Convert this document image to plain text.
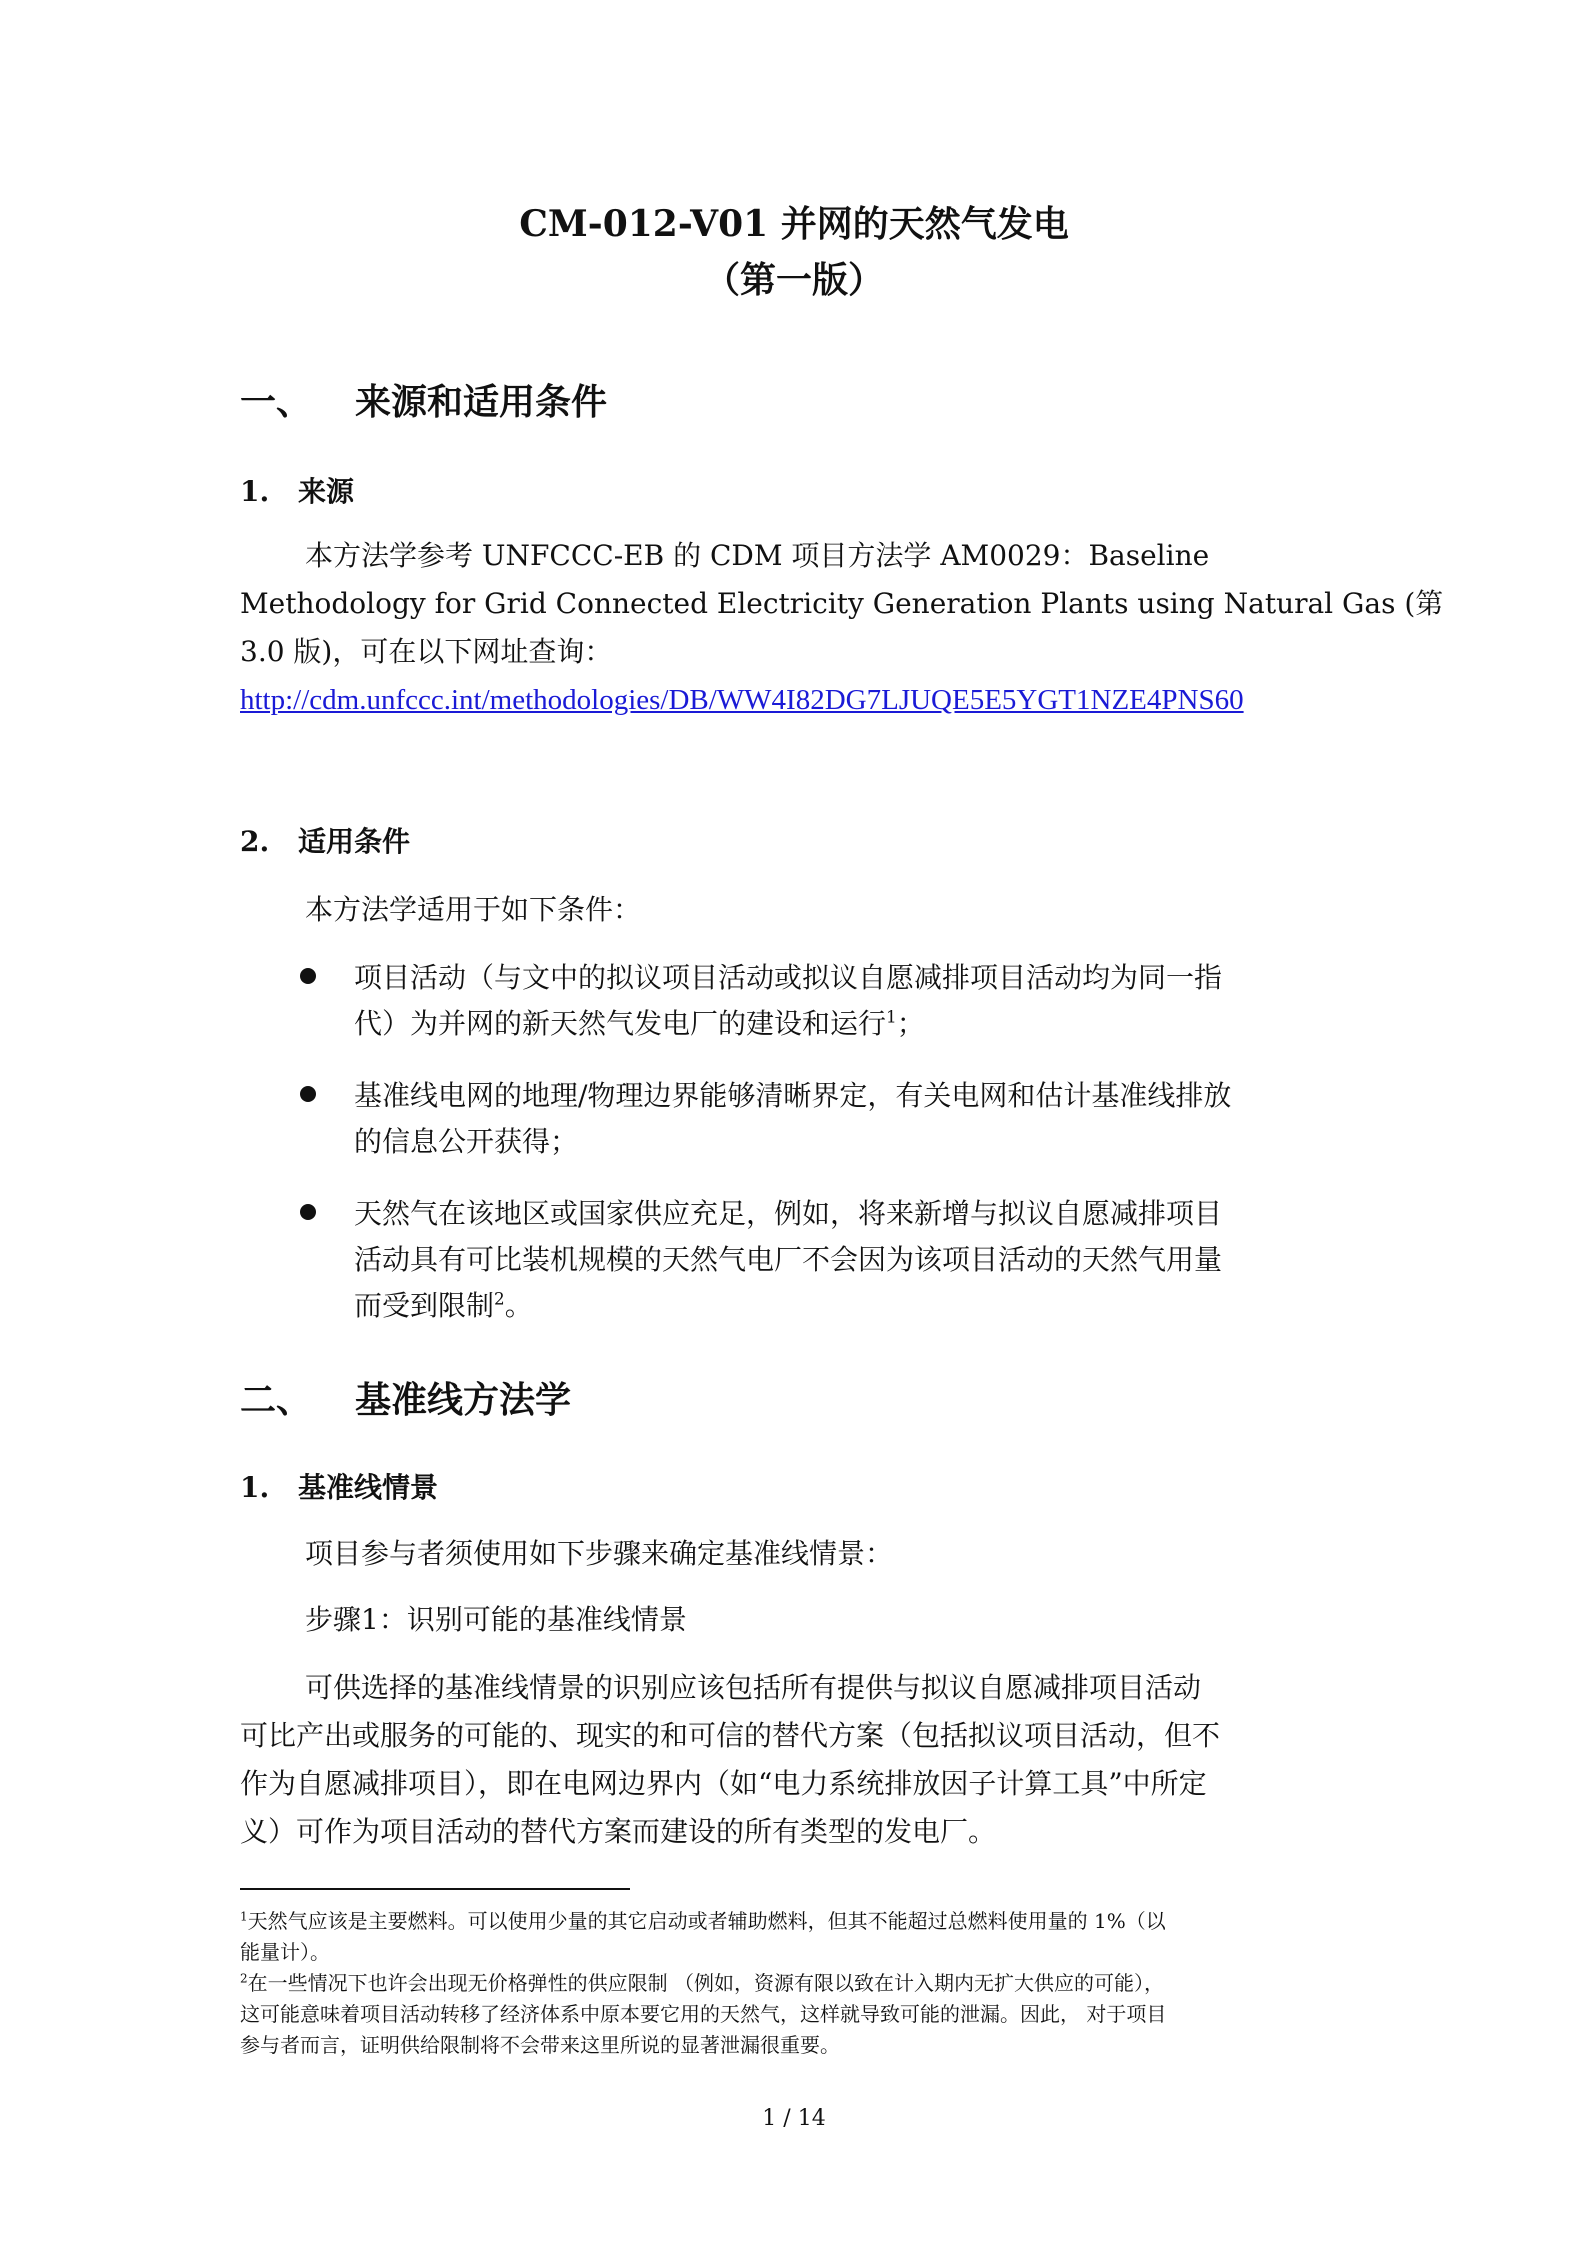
CM-012-V01 并网的天然气发电
（第一版）
一、 来源和适用条件
1. 来源
本方法学参考 UNFCCC-EB 的 CDM 项目方法学 AM0029：Baseline
Methodology for Grid Connected Electricity Generation Plants using Natural Gas (第
3.0 版)，可在以下网址查询：
http://cdm.unfccc.int/methodologies/DB/WW4I82DG7LJUQE5E5YGT1NZE4PNS60
2. 适用条件
本方法学适用于如下条件：
项目活动（与文中的拟议项目活动或拟议自愿减排项目活动均为同一指
代）为并网的新天然气发电厂的建设和运行$^1$；
基准线电网的地理/物理边界能够清晰界定，有关电网和估计基准线排放
的信息公开获得；
天然气在该地区或国家供应充足，例如，将来新增与拟议自愿减排项目
活动具有可比装机规模的天然气电厂不会因为该项目活动的天然气用量
而受到限制$^2$。
二、 基准线方法学
1. 基准线情景
项目参与者须使用如下步骤来确定基准线情景：
步骤1：识别可能的基准线情景
可供选择的基准线情景的识别应该包括所有提供与拟议自愿减排项目活动
可比产出或服务的可能的、现实的和可信的替代方案（包括拟议项目活动，但不
作为自愿减排项目），即在电网边界内（如“电力系统排放因子计算工具”中所定
义）可作为项目活动的替代方案而建设的所有类型的发电厂。
$^1$天然气应该是主要燃料。可以使用少量的其它启动或者辅助燃料，但其不能超过总燃料使用量的 1%（以
能量计）。
$^2$在一些情况下也许会出现无价格弹性的供应限制 （例如，资源有限以致在计入期内无扩大供应的可能），
这可能意味着项目活动转移了经济体系中原本要它用的天然气，这样就导致可能的泄漏。因此， 对于项目
参与者而言，证明供给限制将不会带来这里所说的显著泄漏很重要。
1 / 14
